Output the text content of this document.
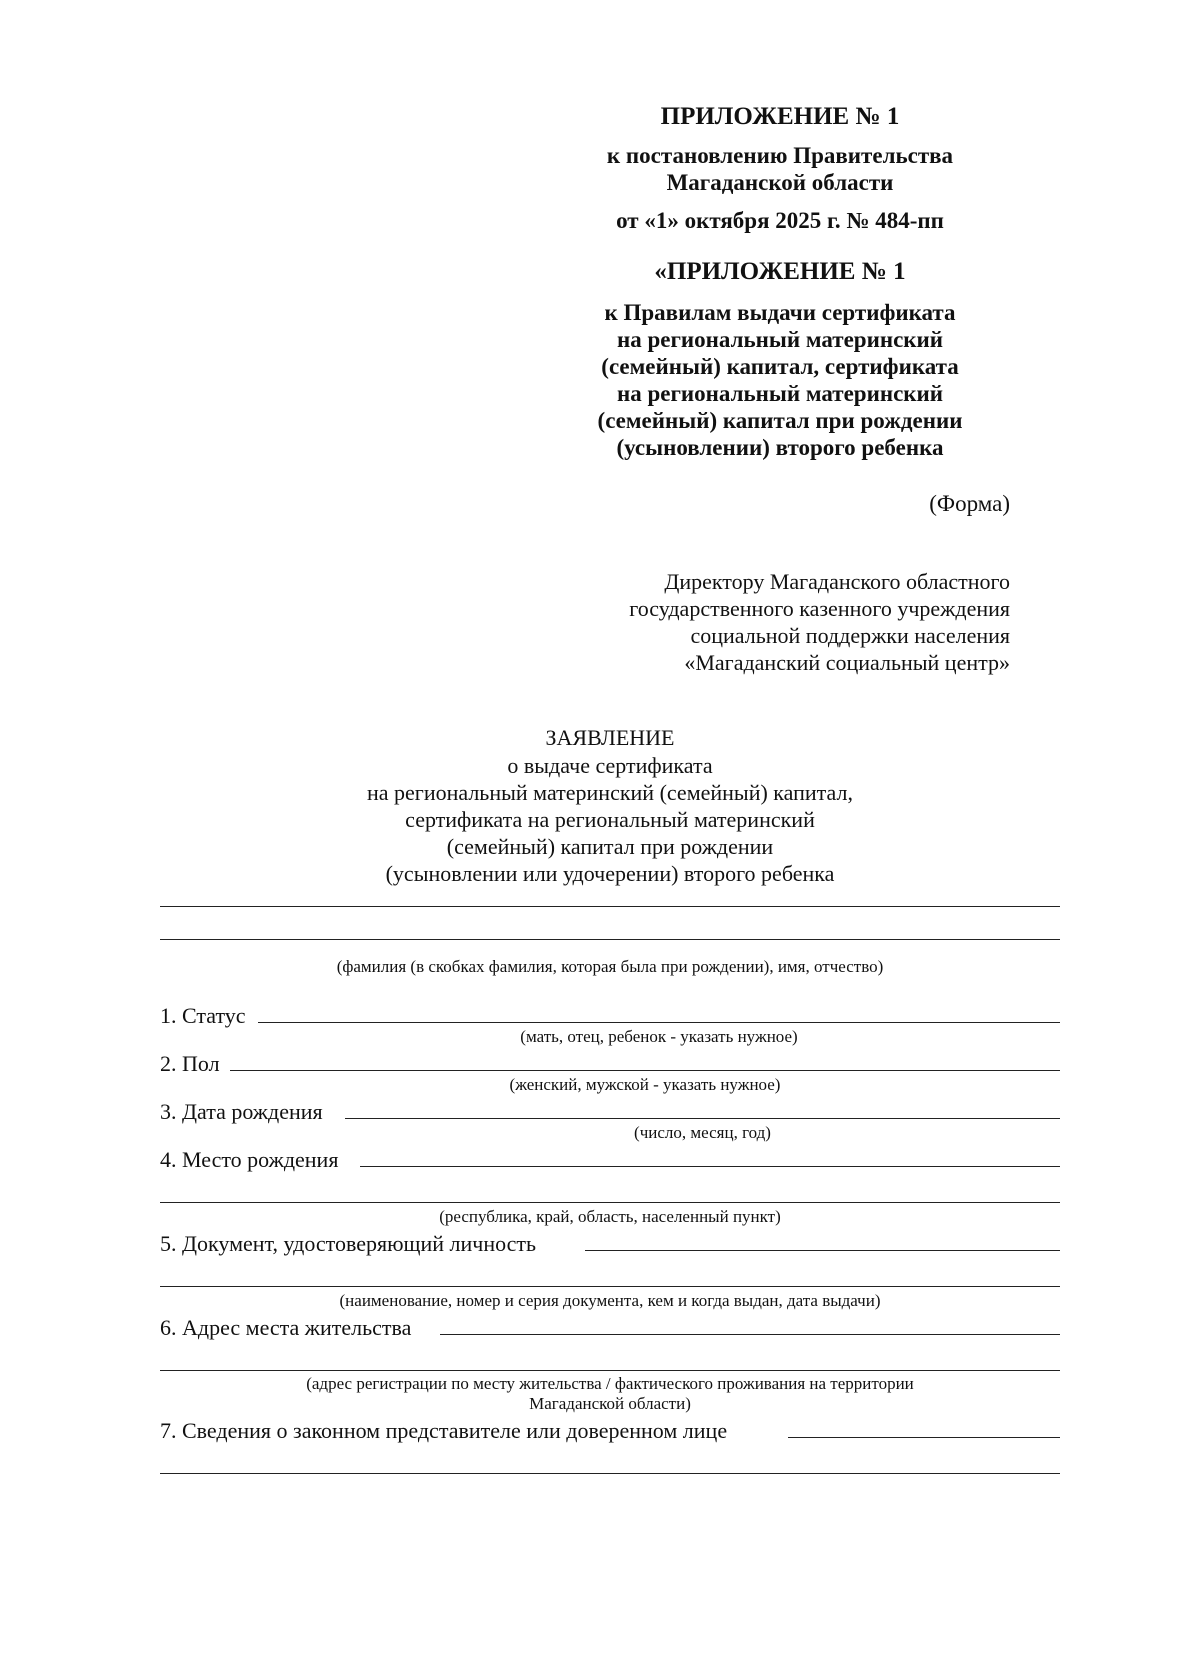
ПРИЛОЖЕНИЕ № 1
к постановлению Правительства
Магаданской области
от «1» октября 2025 г. № 484-пп
«ПРИЛОЖЕНИЕ № 1
к Правилам выдачи сертификата
на региональный материнский
(семейный) капитал, сертификата
на региональный материнский
(семейный) капитал при рождении
(усыновлении) второго ребенка
(Форма)
Директору Магаданского областного
государственного казенного учреждения
социальной поддержки населения
«Магаданский социальный центр»
ЗАЯВЛЕНИЕ
о выдаче сертификата
на региональный материнский (семейный) капитал,
сертификата на региональный материнский
(семейный) капитал при рождении
(усыновлении или удочерении) второго ребенка
(фамилия (в скобках фамилия, которая была при рождении), имя, отчество)
1. Статус
(мать, отец, ребенок - указать нужное)
2. Пол
(женский, мужской - указать нужное)
3. Дата рождения
(число, месяц, год)
4. Место рождения
(республика, край, область, населенный пункт)
5. Документ, удостоверяющий личность
(наименование, номер и серия документа, кем и когда выдан, дата выдачи)
6. Адрес места жительства
(адрес регистрации по месту жительства / фактического проживания на территории
Магаданской области)
7. Сведения о законном представителе или доверенном лице
